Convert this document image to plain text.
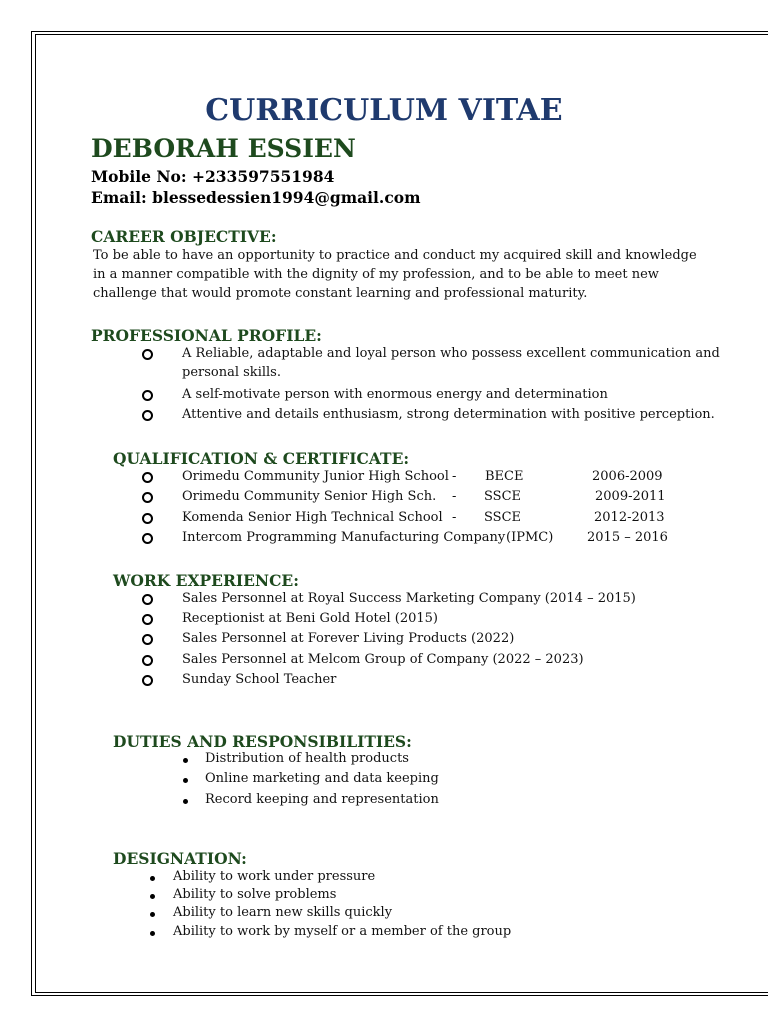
CURRICULUM VITAE
DEBORAH ESSIEN
Mobile No: +233597551984
Email: blessedessien1994@gmail.com
CAREER OBJECTIVE:
To be able to have an opportunity to practice and conduct my acquired skill and knowledge
in a manner compatible with the dignity of my profession, and to be able to meet new
challenge that would promote constant learning and professional maturity.
PROFESSIONAL PROFILE:
A Reliable, adaptable and loyal person who possess excellent communication and
personal skills.
A self-motivate person with enormous energy and determination
Attentive and details enthusiasm, strong determination with positive perception.
QUALIFICATION & CERTIFICATE:
Orimedu Community Junior High School - BECE	2006-2009
Orimedu Community Senior High Sch. - SSCE	2009-2011
Komenda Senior High Technical School - SSCE	2012-2013
Intercom Programming Manufacturing Company (IPMC)	2015 – 2016
WORK EXPERIENCE:
Sales Personnel at Royal Success Marketing Company (2014 – 2015)
Receptionist at Beni Gold Hotel (2015)
Sales Personnel at Forever Living Products (2022)
Sales Personnel at Melcom Group of Company (2022 – 2023)
Sunday School Teacher
DUTIES AND RESPONSIBILITIES:
Distribution of health products
Online marketing and data keeping
Record keeping and representation
DESIGNATION:
Ability to work under pressure
Ability to solve problems
Ability to learn new skills quickly
Ability to work by myself or a member of the group
